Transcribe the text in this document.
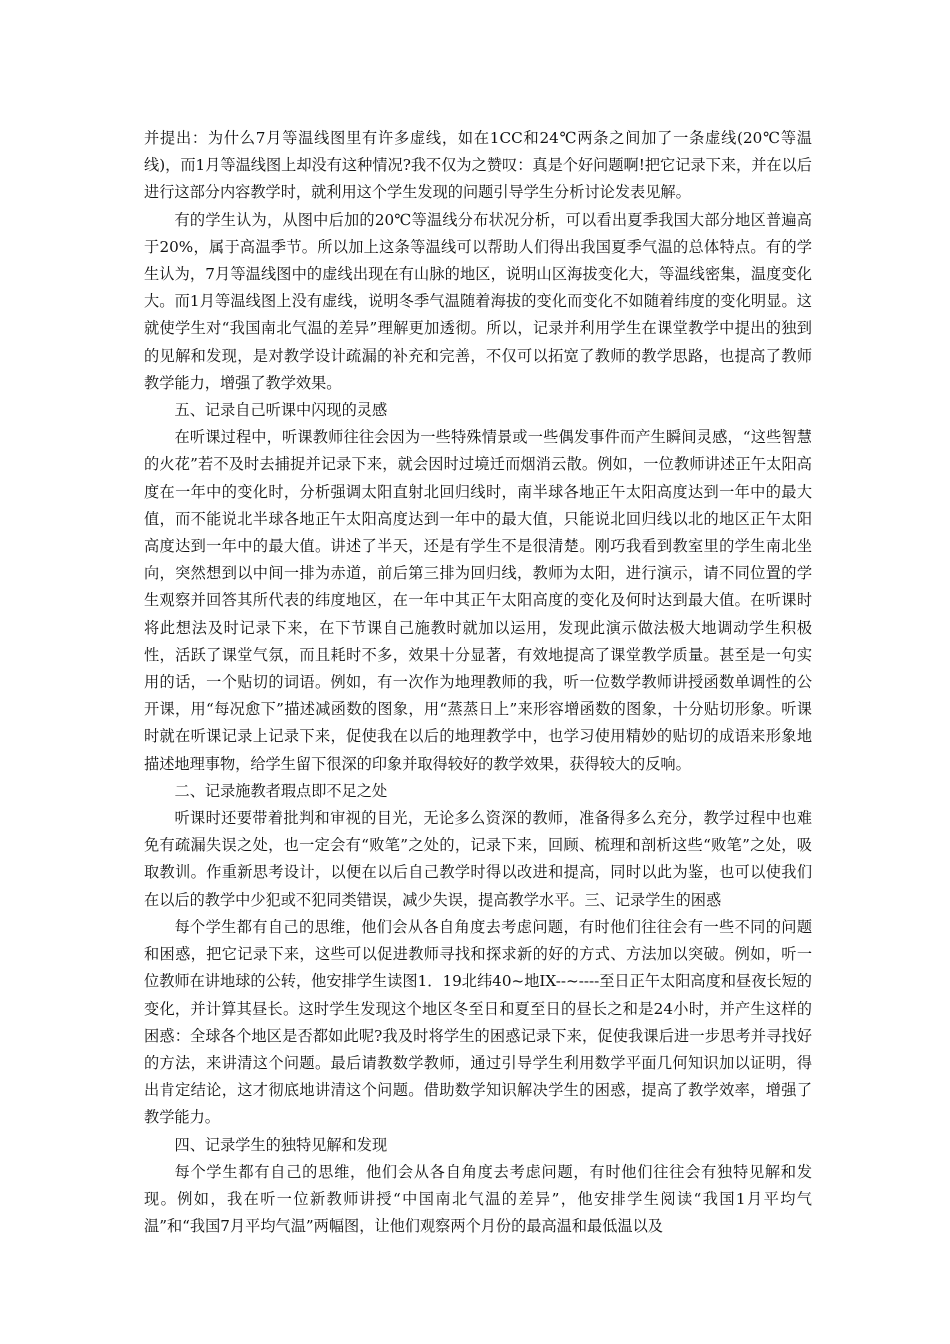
并提出：为什么7月等温线图里有许多虚线，如在1CC和24℃两条之间加了一条虚线(20℃等温线)，而1月等温线图上却没有这种情况?我不仅为之赞叹：真是个好问题啊!把它记录下来，并在以后进行这部分内容教学时，就利用这个学生发现的问题引导学生分析讨论发表见解。

有的学生认为，从图中后加的20℃等温线分布状况分析，可以看出夏季我国大部分地区普遍高于20%，属于高温季节。所以加上这条等温线可以帮助人们得出我国夏季气温的总体特点。有的学生认为，7月等温线图中的虚线出现在有山脉的地区，说明山区海拔变化大，等温线密集，温度变化大。而1月等温线图上没有虚线，说明冬季气温随着海拔的变化而变化不如随着纬度的变化明显。这就使学生对“我国南北气温的差异”理解更加透彻。所以，记录并利用学生在课堂教学中提出的独到的见解和发现，是对教学设计疏漏的补充和完善，不仅可以拓宽了教师的教学思路，也提高了教师教学能力，增强了教学效果。

五、记录自己听课中闪现的灵感

在听课过程中，听课教师往往会因为一些特殊情景或一些偶发事件而产生瞬间灵感，“这些智慧的火花”若不及时去捕捉并记录下来，就会因时过境迁而烟消云散。例如，一位教师讲述正午太阳高度在一年中的变化时，分析强调太阳直射北回归线时，南半球各地正午太阳高度达到一年中的最大值，而不能说北半球各地正午太阳高度达到一年中的最大值，只能说北回归线以北的地区正午太阳高度达到一年中的最大值。讲述了半天，还是有学生不是很清楚。刚巧我看到教室里的学生南北坐向，突然想到以中间一排为赤道，前后第三排为回归线，教师为太阳，进行演示，请不同位置的学生观察并回答其所代表的纬度地区，在一年中其正午太阳高度的变化及何时达到最大值。在听课时将此想法及时记录下来，在下节课自己施教时就加以运用，发现此演示做法极大地调动学生积极性，活跃了课堂气氛，而且耗时不多，效果十分显著，有效地提高了课堂教学质量。甚至是一句实用的话，一个贴切的词语。例如，有一次作为地理教师的我，听一位数学教师讲授函数单调性的公开课，用“每况愈下”描述减函数的图象，用“蒸蒸日上”来形容增函数的图象，十分贴切形象。听课时就在听课记录上记录下来，促使我在以后的地理教学中，也学习使用精妙的贴切的成语来形象地描述地理事物，给学生留下很深的印象并取得较好的教学效果，获得较大的反响。

二、记录施教者瑕点即不足之处

听课时还要带着批判和审视的目光，无论多么资深的教师，准备得多么充分，教学过程中也难免有疏漏失误之处，也一定会有“败笔”之处的，记录下来，回顾、梳理和剖析这些“败笔”之处，吸取教训。作重新思考设计，以便在以后自己教学时得以改进和提高，同时以此为鉴，也可以使我们在以后的教学中少犯或不犯同类错误，减少失误，提高教学水平。三、记录学生的困惑

每个学生都有自己的思维，他们会从各自角度去考虑问题，有时他们往往会有一些不同的问题和困惑，把它记录下来，这些可以促进教师寻找和探求新的好的方式、方法加以突破。例如，听一位教师在讲地球的公转，他安排学生读图1．19北纬40~地IX--~----至日正午太阳高度和昼夜长短的变化，并计算其昼长。这时学生发现这个地区冬至日和夏至日的昼长之和是24小时，并产生这样的困惑：全球各个地区是否都如此呢?我及时将学生的困惑记录下来，促使我课后进一步思考并寻找好的方法，来讲清这个问题。最后请教数学教师，通过引导学生利用数学平面几何知识加以证明，得出肯定结论，这才彻底地讲清这个问题。借助数学知识解决学生的困惑，提高了教学效率，增强了教学能力。

四、记录学生的独特见解和发现

每个学生都有自己的思维，他们会从各自角度去考虑问题，有时他们往往会有独特见解和发现。例如，我在听一位新教师讲授“中国南北气温的差异”，他安排学生阅读“我国1月平均气温”和“我国7月平均气温”两幅图，让他们观察两个月份的最高温和最低温以及
